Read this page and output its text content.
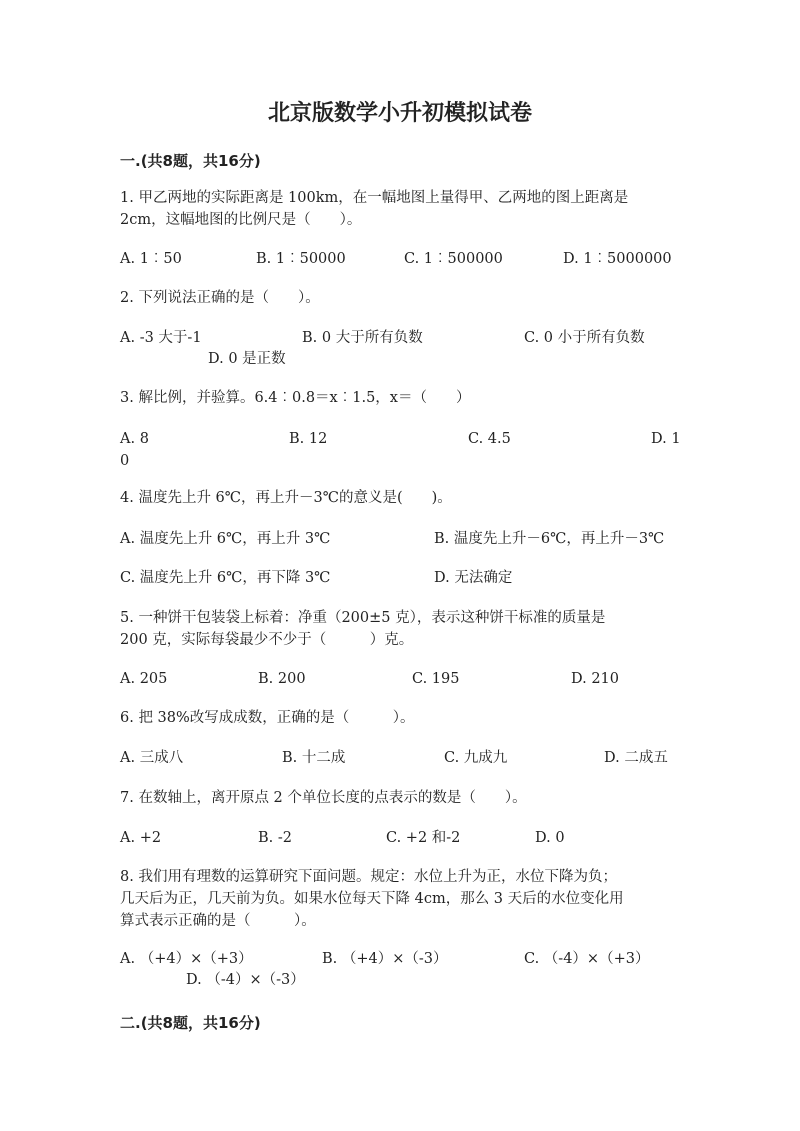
北京版数学小升初模拟试卷
一.(共8题，共16分)
1. 甲乙两地的实际距离是 100km，在一幅地图上量得甲、乙两地的图上距离是
2cm，这幅地图的比例尺是（　　）。
A. 1︰50	B. 1︰50000	C. 1︰500000	D. 1︰5000000
2. 下列说法正确的是（　　）。
A. -3 大于-1	B. 0 大于所有负数	C. 0 小于所有负数
D. 0 是正数
3. 解比例，并验算。6.4︰0.8＝x︰1.5，x＝（　　）
A. 8	B. 12	C. 4.5	D. 1
0
4. 温度先上升 6℃，再上升－3℃的意义是(　　)。
A. 温度先上升 6℃，再上升 3℃	B. 温度先上升－6℃，再上升－3℃
C. 温度先上升 6℃，再下降 3℃	D. 无法确定
5. 一种饼干包装袋上标着：净重（200±5 克），表示这种饼干标准的质量是
200 克，实际每袋最少不少于（　　　）克。
A. 205	B. 200	C. 195	D. 210
6. 把 38%改写成成数，正确的是（　　　）。
A. 三成八	B. 十二成	C. 九成九	D. 二成五
7. 在数轴上，离开原点 2 个单位长度的点表示的数是（　　）。
A. +2	B. -2	C. +2 和-2	D. 0
8. 我们用有理数的运算研究下面问题。规定：水位上升为正，水位下降为负；
几天后为正，几天前为负。如果水位每天下降 4cm，那么 3 天后的水位变化用
算式表示正确的是（　　　）。
A. （+4）×（+3）	B. （+4）×（-3）	C. （-4）×（+3）
D. （-4）×（-3）
二.(共8题，共16分)
